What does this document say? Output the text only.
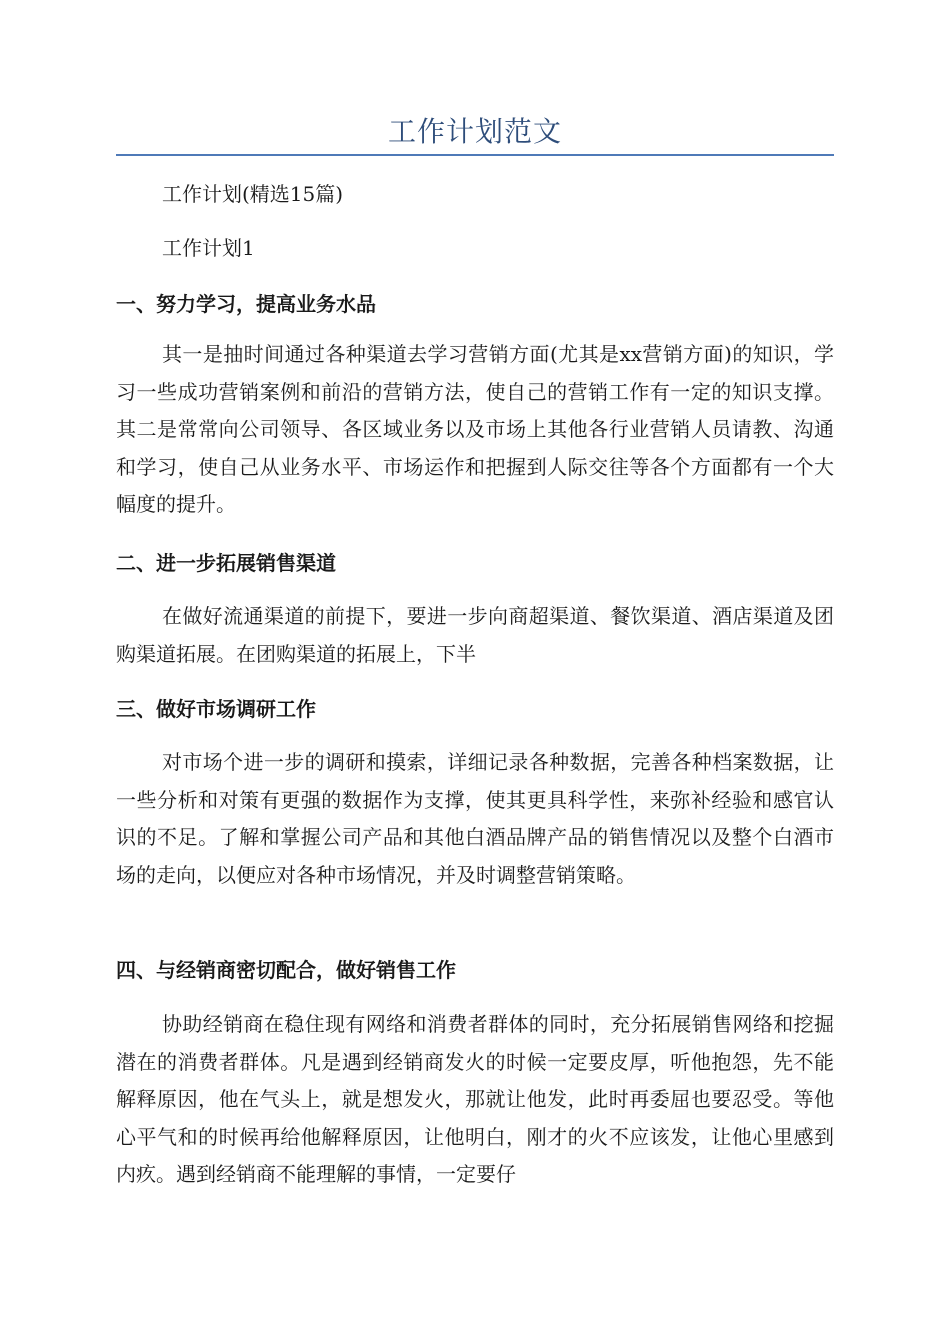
工作计划范文

工作计划(精选15篇)

工作计划1

一、努力学习，提高业务水品

其一是抽时间通过各种渠道去学习营销方面(尤其是xx营销方面)的知识，学习一些成功营销案例和前沿的营销方法，使自己的营销工作有一定的知识支撑。其二是常常向公司领导、各区域业务以及市场上其他各行业营销人员请教、沟通和学习，使自己从业务水平、市场运作和把握到人际交往等各个方面都有一个大幅度的提升。

二、进一步拓展销售渠道

在做好流通渠道的前提下，要进一步向商超渠道、餐饮渠道、酒店渠道及团购渠道拓展。在团购渠道的拓展上，下半

三、做好市场调研工作

对市场个进一步的调研和摸索，详细记录各种数据，完善各种档案数据，让一些分析和对策有更强的数据作为支撑，使其更具科学性，来弥补经验和感官认识的不足。了解和掌握公司产品和其他白酒品牌产品的销售情况以及整个白酒市场的走向，以便应对各种市场情况，并及时调整营销策略。

四、与经销商密切配合，做好销售工作

协助经销商在稳住现有网络和消费者群体的同时，充分拓展销售网络和挖掘潜在的消费者群体。凡是遇到经销商发火的时候一定要皮厚，听他抱怨，先不能解释原因，他在气头上，就是想发火，那就让他发，此时再委屈也要忍受。等他心平气和的时候再给他解释原因，让他明白，刚才的火不应该发，让他心里感到内疚。遇到经销商不能理解的事情，一定要仔
